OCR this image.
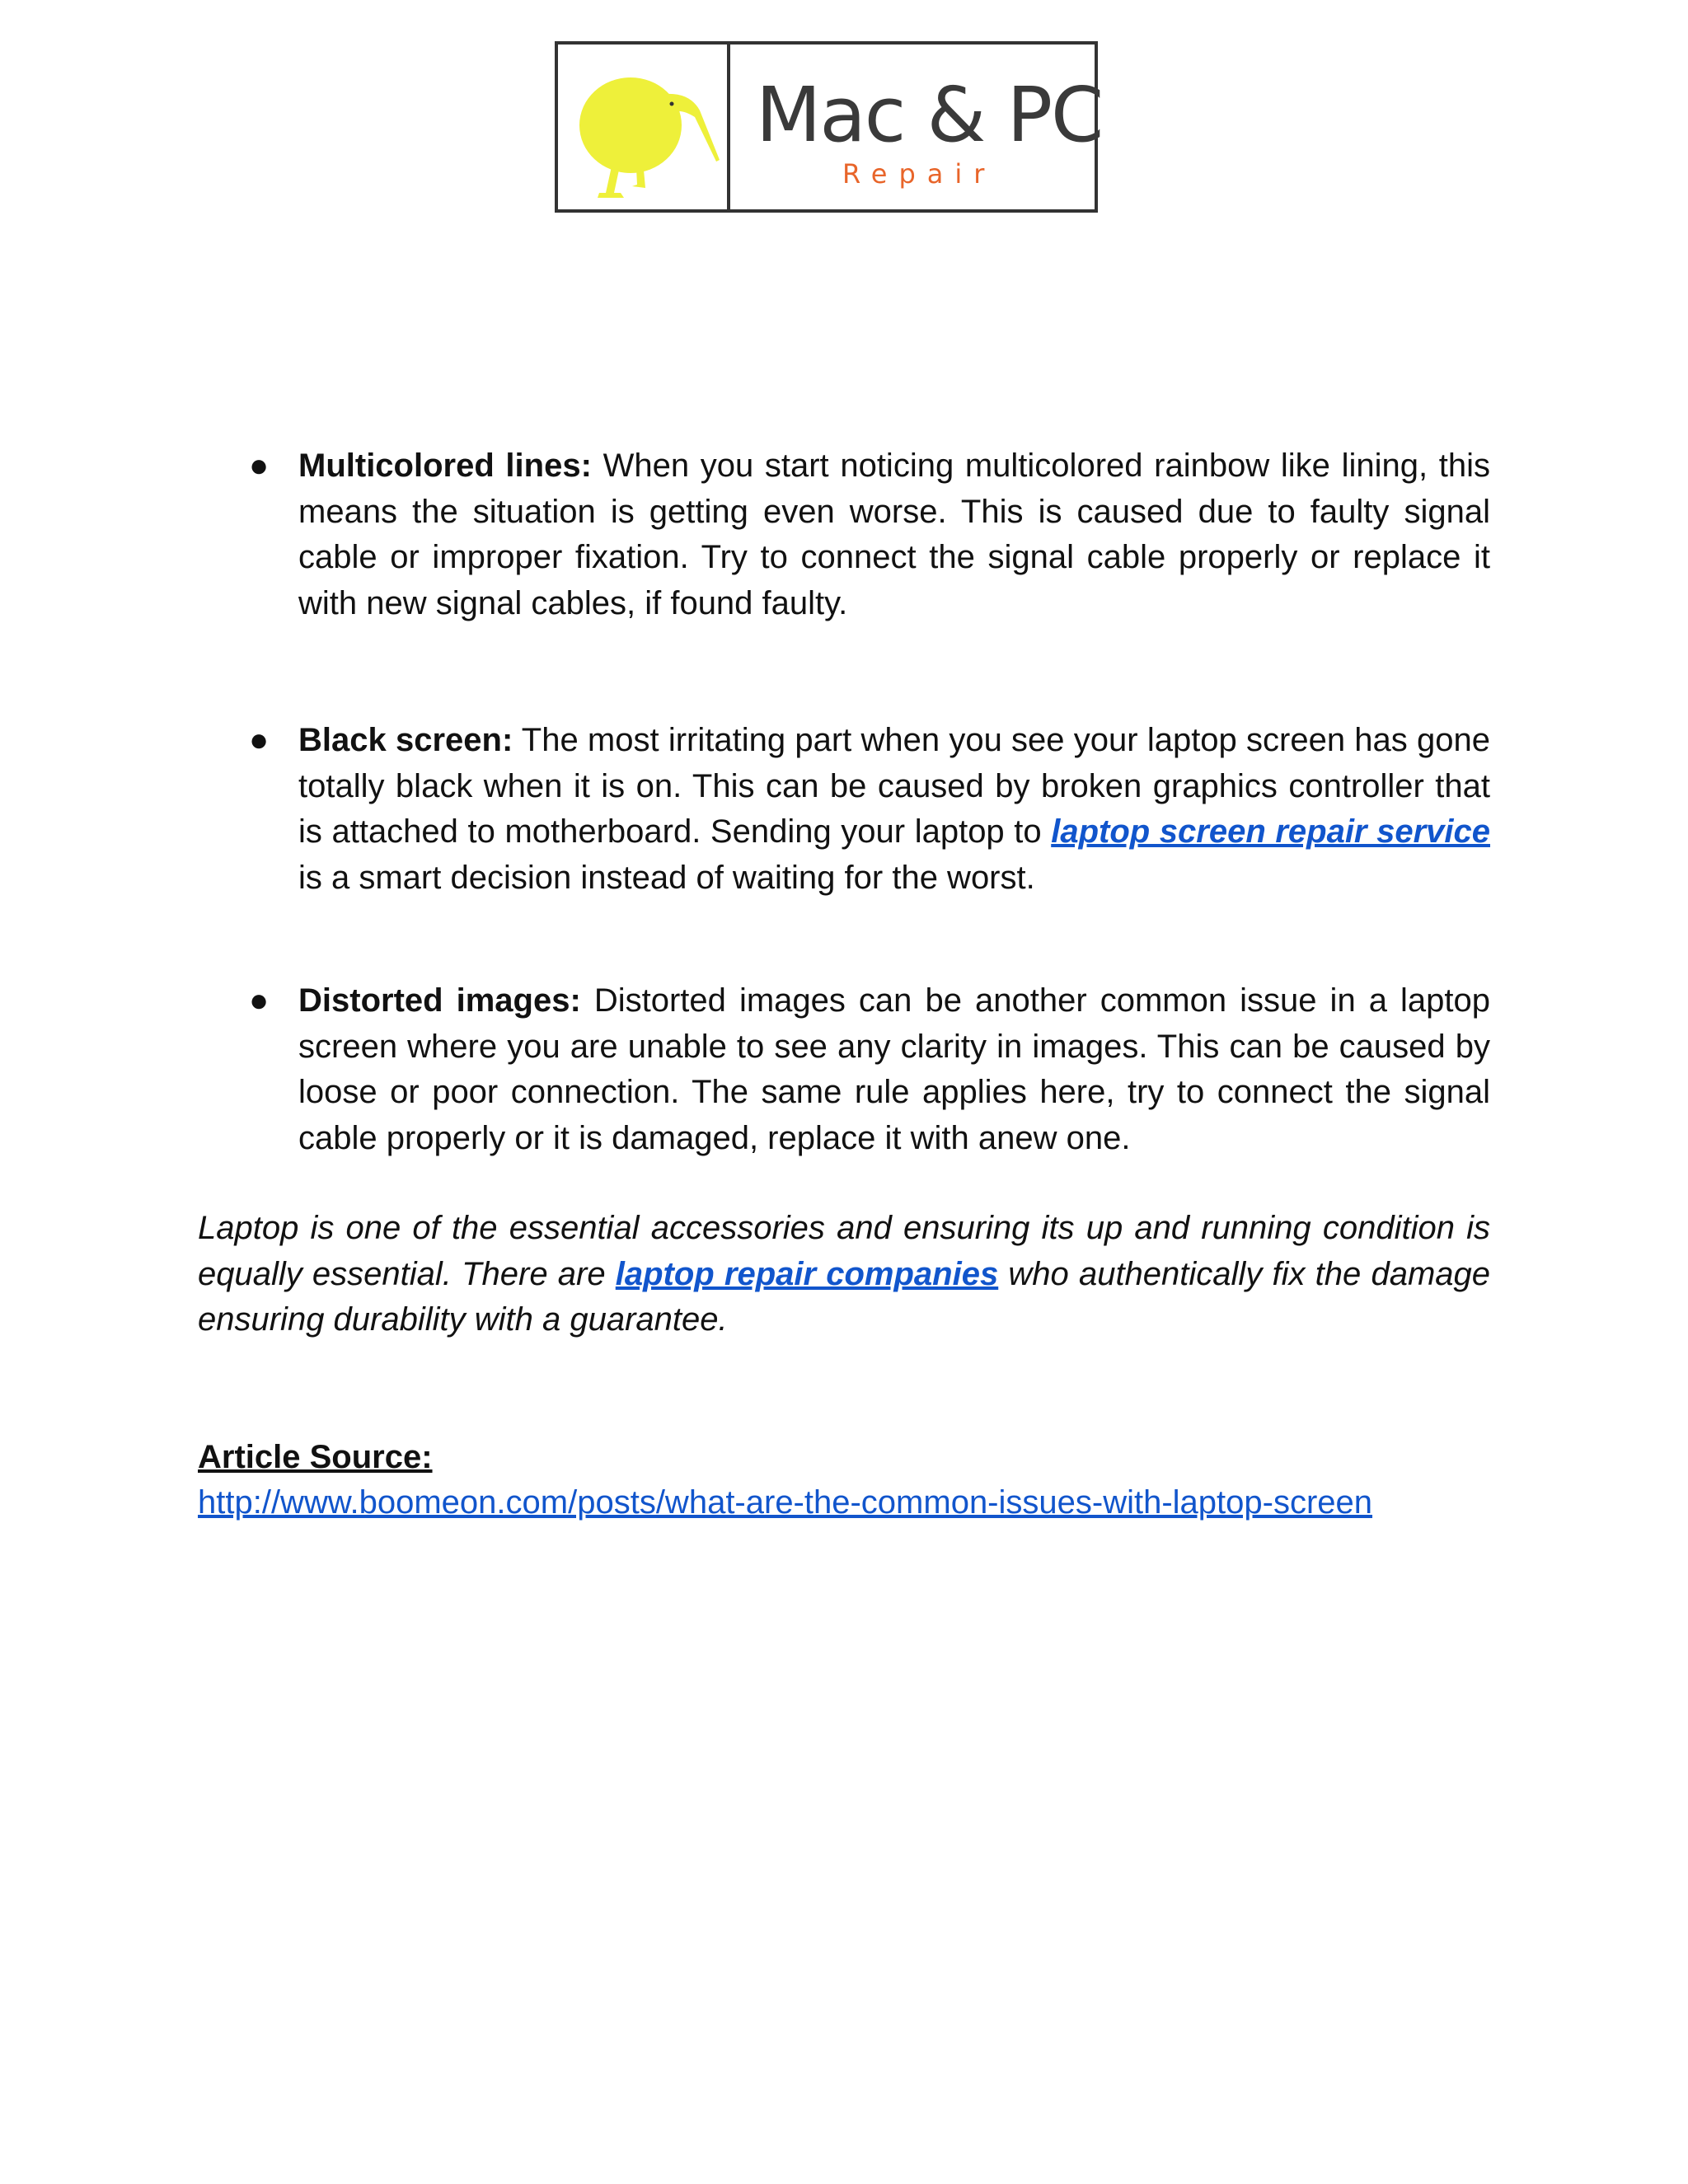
Mac & PC
Repair
● Multicolored lines: When you start noticing multicolored rainbow like lining, this means the situation is getting even worse. This is caused due to faulty signal cable or improper fixation. Try to connect the signal cable properly or replace it with new signal cables, if found faulty.
● Black screen: The most irritating part when you see your laptop screen has gone totally black when it is on. This can be caused by broken graphics controller that is attached to motherboard. Sending your laptop to laptop screen repair service is a smart decision instead of waiting for the worst.
● Distorted images: Distorted images can be another common issue in a laptop screen where you are unable to see any clarity in images. This can be caused by loose or poor connection. The same rule applies here, try to connect the signal cable properly or it is damaged, replace it with anew one.
Laptop is one of the essential accessories and ensuring its up and running condition is equally essential. There are laptop repair companies who authentically fix the damage ensuring durability with a guarantee.
Article Source:
http://www.boomeon.com/posts/what-are-the-common-issues-with-laptop-screen
